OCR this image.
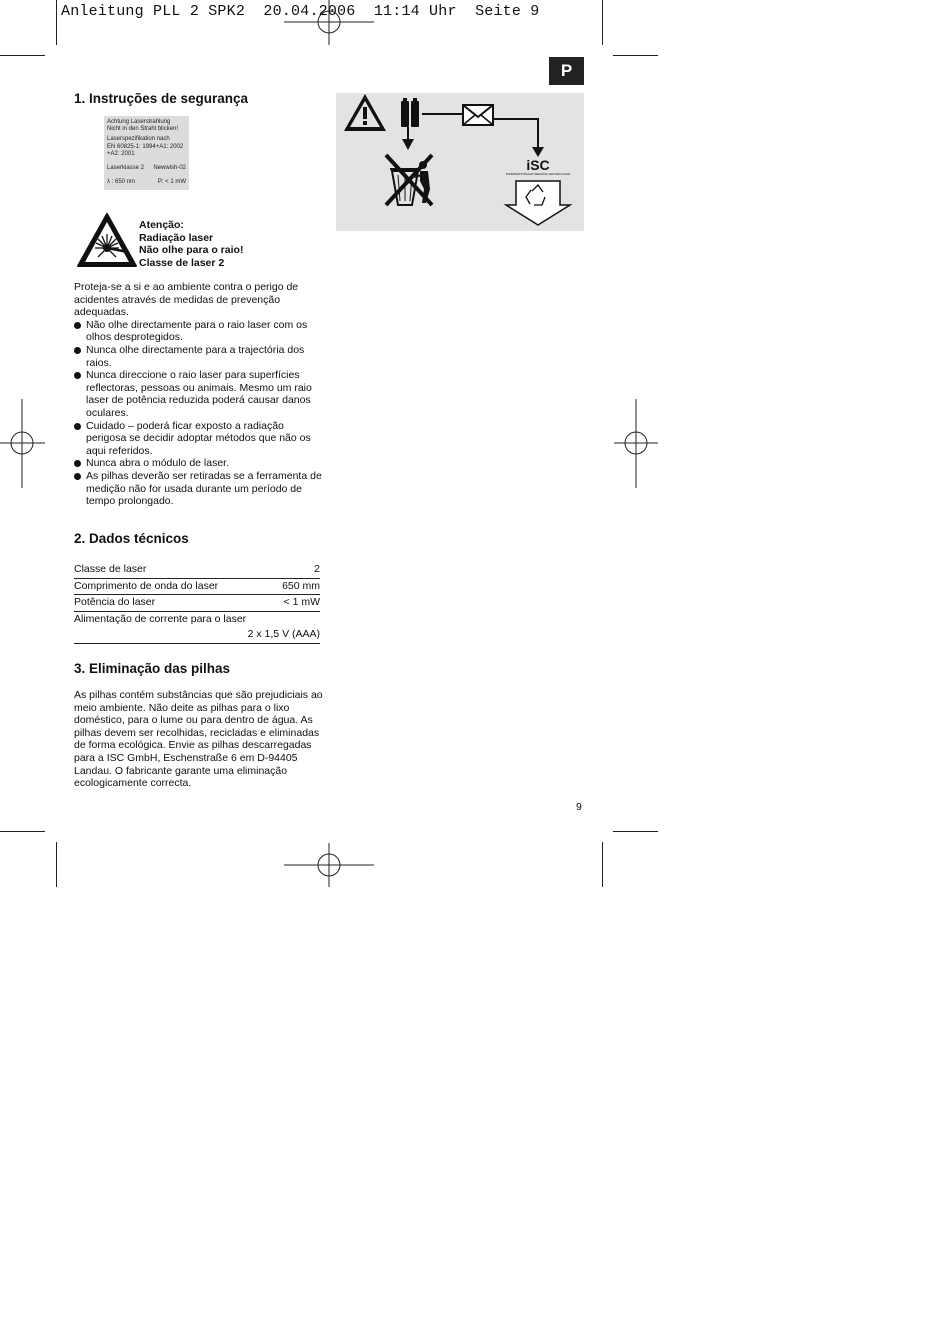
Anleitung PLL 2 SPK2  20.04.2006  11:14 Uhr  Seite 9
P
1. Instruções de segurança
Achtung Laserstrahlung
Nicht in den Strahl blicken!
Laserspezifikation nach
EN 60825-1: 1994+A1: 2002
+A2: 2001
Laserklasse 2 Newwish-02
λ : 650 nm	P: < 1 mW
Atenção:
Radiação laser
Não olhe para o raio!
Classe de laser 2

Proteja-se a si e ao ambiente contra o perigo de acidentes através de medidas de prevenção adequadas.

Não olhe directamente para o raio laser com os olhos desprotegidos.
Nunca olhe directamente para a trajectória dos raios.
Nunca direccione o raio laser para superfícies reflectoras, pessoas ou animais. Mesmo um raio laser de potência reduzida poderá causar danos oculares.
Cuidado – poderá ficar exposto a radiação perigosa se decidir adoptar métodos que não os aqui referidos.
Nunca abra o módulo de laser.
As pilhas deverão ser retiradas se a ferramenta de medição não for usada durante um período de tempo prolongado.
2. Dados técnicos
Classe de laser	2
Comprimento de onda do laser	650 mm
Potência do laser	< 1 mW
Alimentação de corrente para o laser
2 x 1,5 V (AAA)
3. Eliminação das pilhas

As pilhas contém substâncias que são prejudiciais ao meio ambiente. Não deite as pilhas para o lixo doméstico, para o lume ou para dentro de água. As pilhas devem ser recolhidas, recicladas e eliminadas de forma ecológica. Envie as pilhas descarregadas para a ISC GmbH, Eschenstraße 6 em D-94405 Landau. O fabricante garante uma eliminação ecologicamente correcta.

iSC
INTERNATIONALES SERVICE CENTER GmbH
9
